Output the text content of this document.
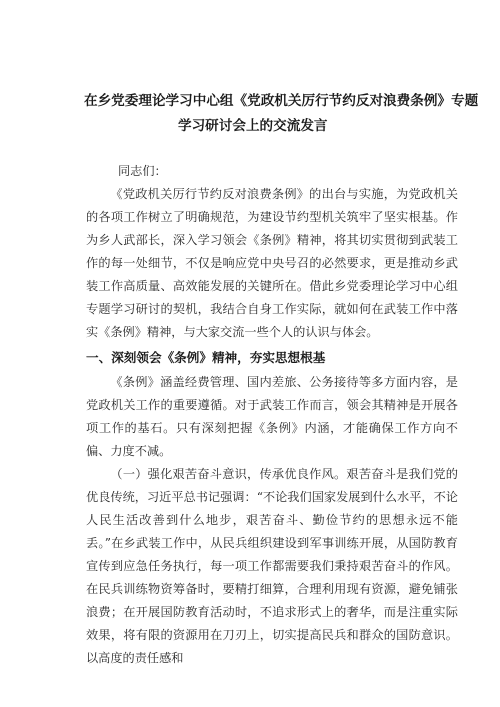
在乡党委理论学习中心组《党政机关厉行节约反对浪费条例》专题
学习研讨会上的交流发言
同志们：

《党政机关厉行节约反对浪费条例》的出台与实施，为党政机关的各项工作树立了明确规范，为建设节约型机关筑牢了坚实根基。作为乡人武部长，深入学习领会《条例》精神，将其切实贯彻到武装工作的每一处细节，不仅是响应党中央号召的必然要求，更是推动乡武装工作高质量、高效能发展的关键所在。借此乡党委理论学习中心组专题学习研讨的契机，我结合自身工作实际，就如何在武装工作中落实《条例》精神，与大家交流一些个人的认识与体会。

一、深刻领会《条例》精神，夯实思想根基

《条例》涵盖经费管理、国内差旅、公务接待等多方面内容，是党政机关工作的重要遵循。对于武装工作而言，领会其精神是开展各项工作的基石。只有深刻把握《条例》内涵，才能确保工作方向不偏、力度不减。

（一）强化艰苦奋斗意识，传承优良作风。艰苦奋斗是我们党的优良传统，习近平总书记强调：“不论我们国家发展到什么水平，不论人民生活改善到什么地步，艰苦奋斗、勤俭节约的思想永远不能丢。”在乡武装工作中，从民兵组织建设到军事训练开展，从国防教育宣传到应急任务执行，每一项工作都需要我们秉持艰苦奋斗的作风。在民兵训练物资筹备时，要精打细算，合理利用现有资源，避免铺张浪费；在开展国防教育活动时，不追求形式上的奢华，而是注重实际效果，将有限的资源用在刀刃上，切实提高民兵和群众的国防意识。以高度的责任感和
